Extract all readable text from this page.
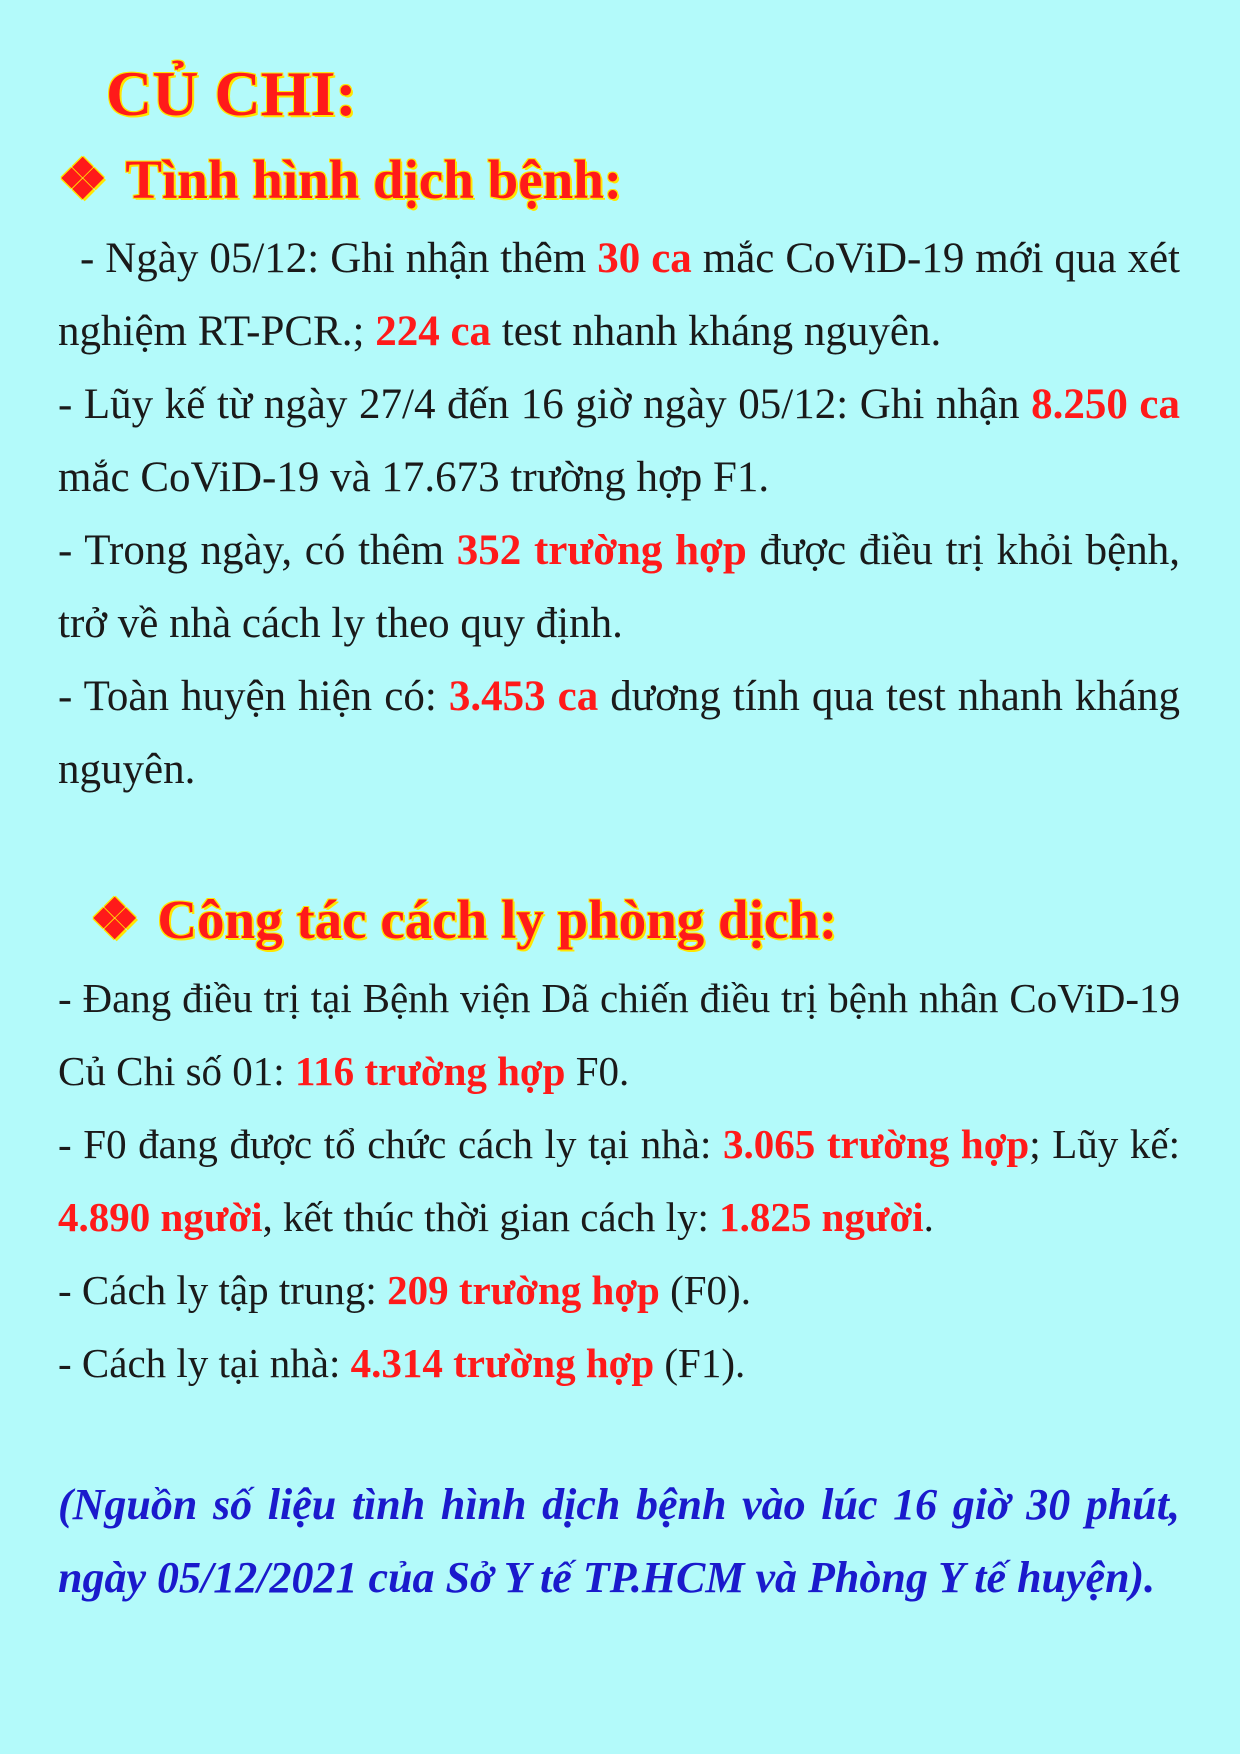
CỦ CHI:
❖ Tình hình dịch bệnh:

- Ngày 05/12: Ghi nhận thêm 30 ca mắc CoViD-19 mới qua xét nghiệm RT-PCR.; 224 ca test nhanh kháng nguyên.

- Lũy kế từ ngày 27/4 đến 16 giờ ngày 05/12: Ghi nhận 8.250 ca mắc CoViD-19 và 17.673 trường hợp F1.

- Trong ngày, có thêm 352 trường hợp được điều trị khỏi bệnh, trở về nhà cách ly theo quy định.

- Toàn huyện hiện có: 3.453 ca dương tính qua test nhanh kháng nguyên.

❖ Công tác cách ly phòng dịch:

- Đang điều trị tại Bệnh viện Dã chiến điều trị bệnh nhân CoViD-19 Củ Chi số 01: 116 trường hợp F0.

- F0 đang được tổ chức cách ly tại nhà: 3.065 trường hợp; Lũy kế: 4.890 người, kết thúc thời gian cách ly: 1.825 người.

- Cách ly tập trung: 209 trường hợp (F0).

- Cách ly tại nhà: 4.314 trường hợp (F1).

(Nguồn số liệu tình hình dịch bệnh vào lúc 16 giờ 30 phút, ngày 05/12/2021 của Sở Y tế TP.HCM và Phòng Y tế huyện).
